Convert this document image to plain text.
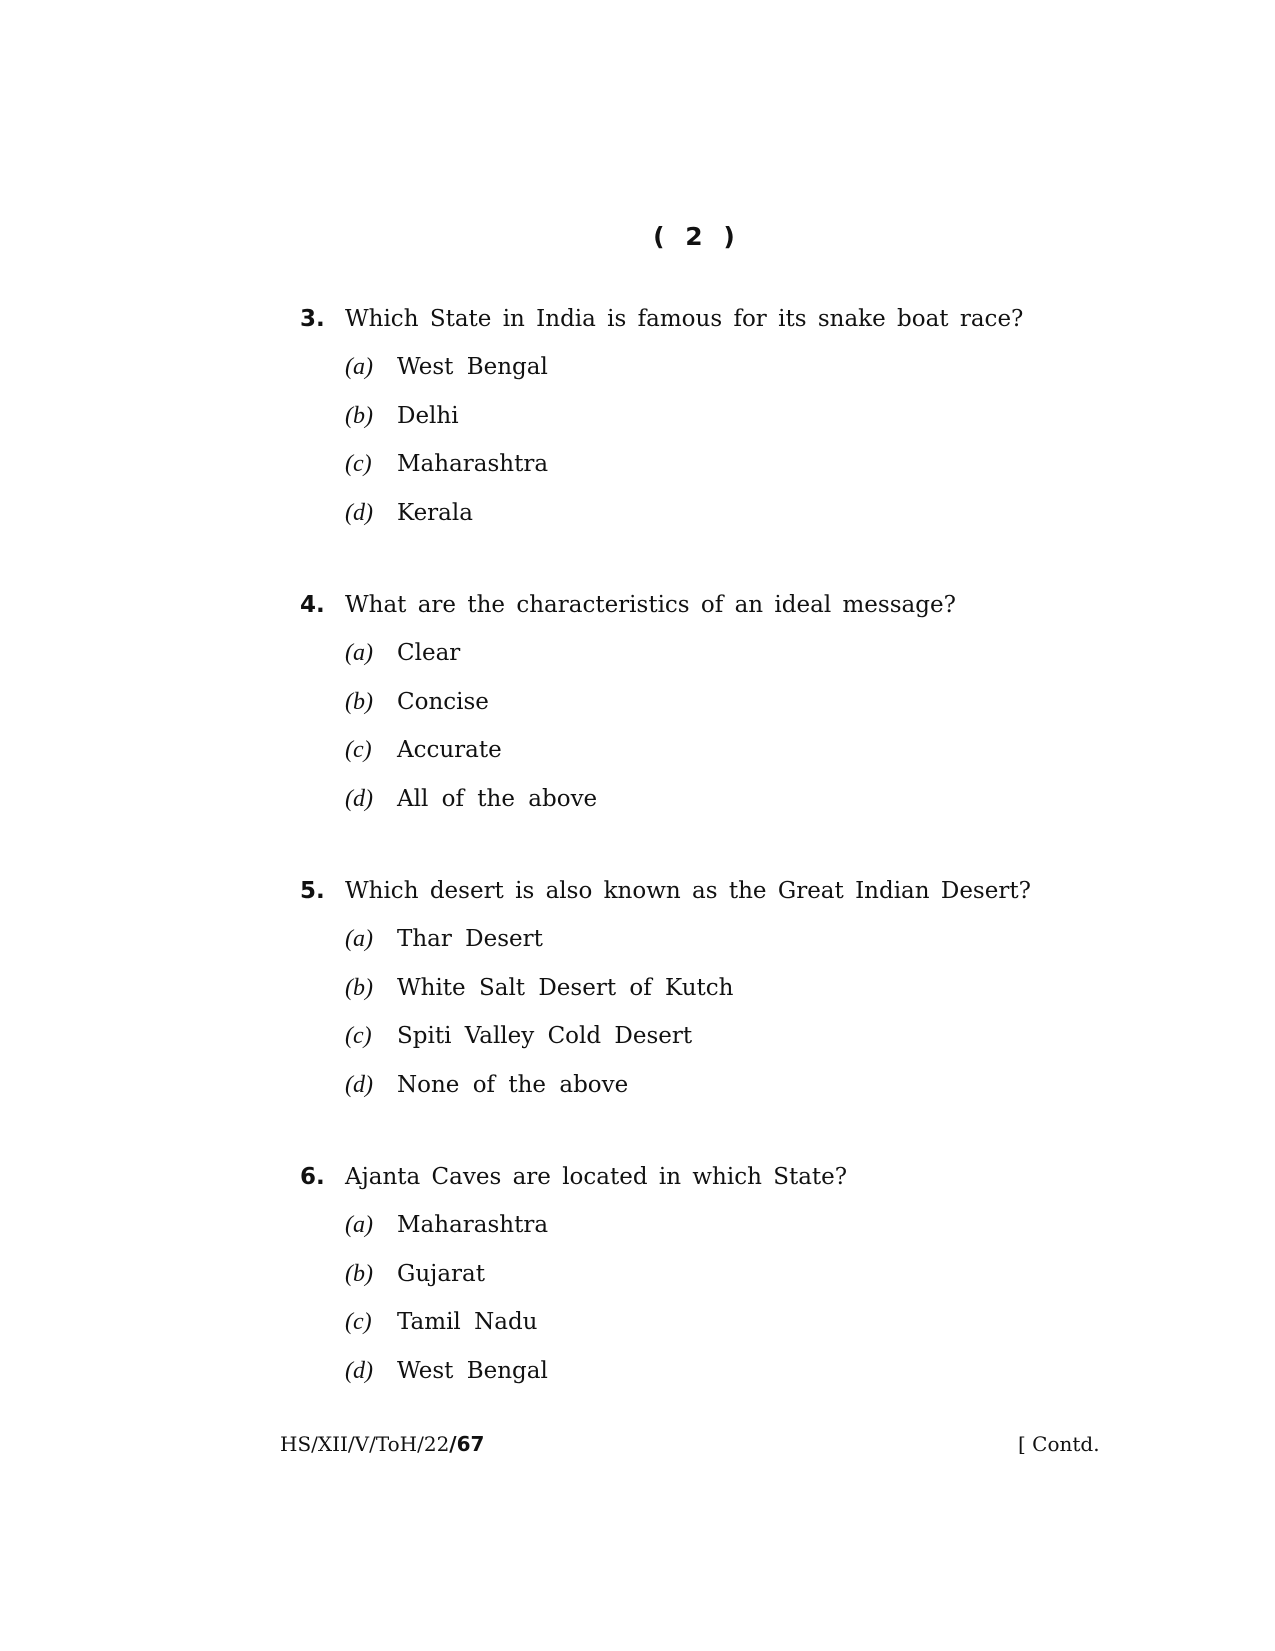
( 2 )
3. Which State in India is famous for its snake boat race?
(a)	West Bengal
(b)	Delhi
(c)	Maharashtra
(d)	Kerala
4. What are the characteristics of an ideal message?
(a)	Clear
(b)	Concise
(c)	Accurate
(d)	All of the above
5. Which desert is also known as the Great Indian Desert?
(a)	Thar Desert
(b)	White Salt Desert of Kutch
(c)	Spiti Valley Cold Desert
(d)	None of the above
6. Ajanta Caves are located in which State?
(a)	Maharashtra
(b)	Gujarat
(c)	Tamil Nadu
(d)	West Bengal
HS/XII/V/ToH/22/67	[ Contd.
